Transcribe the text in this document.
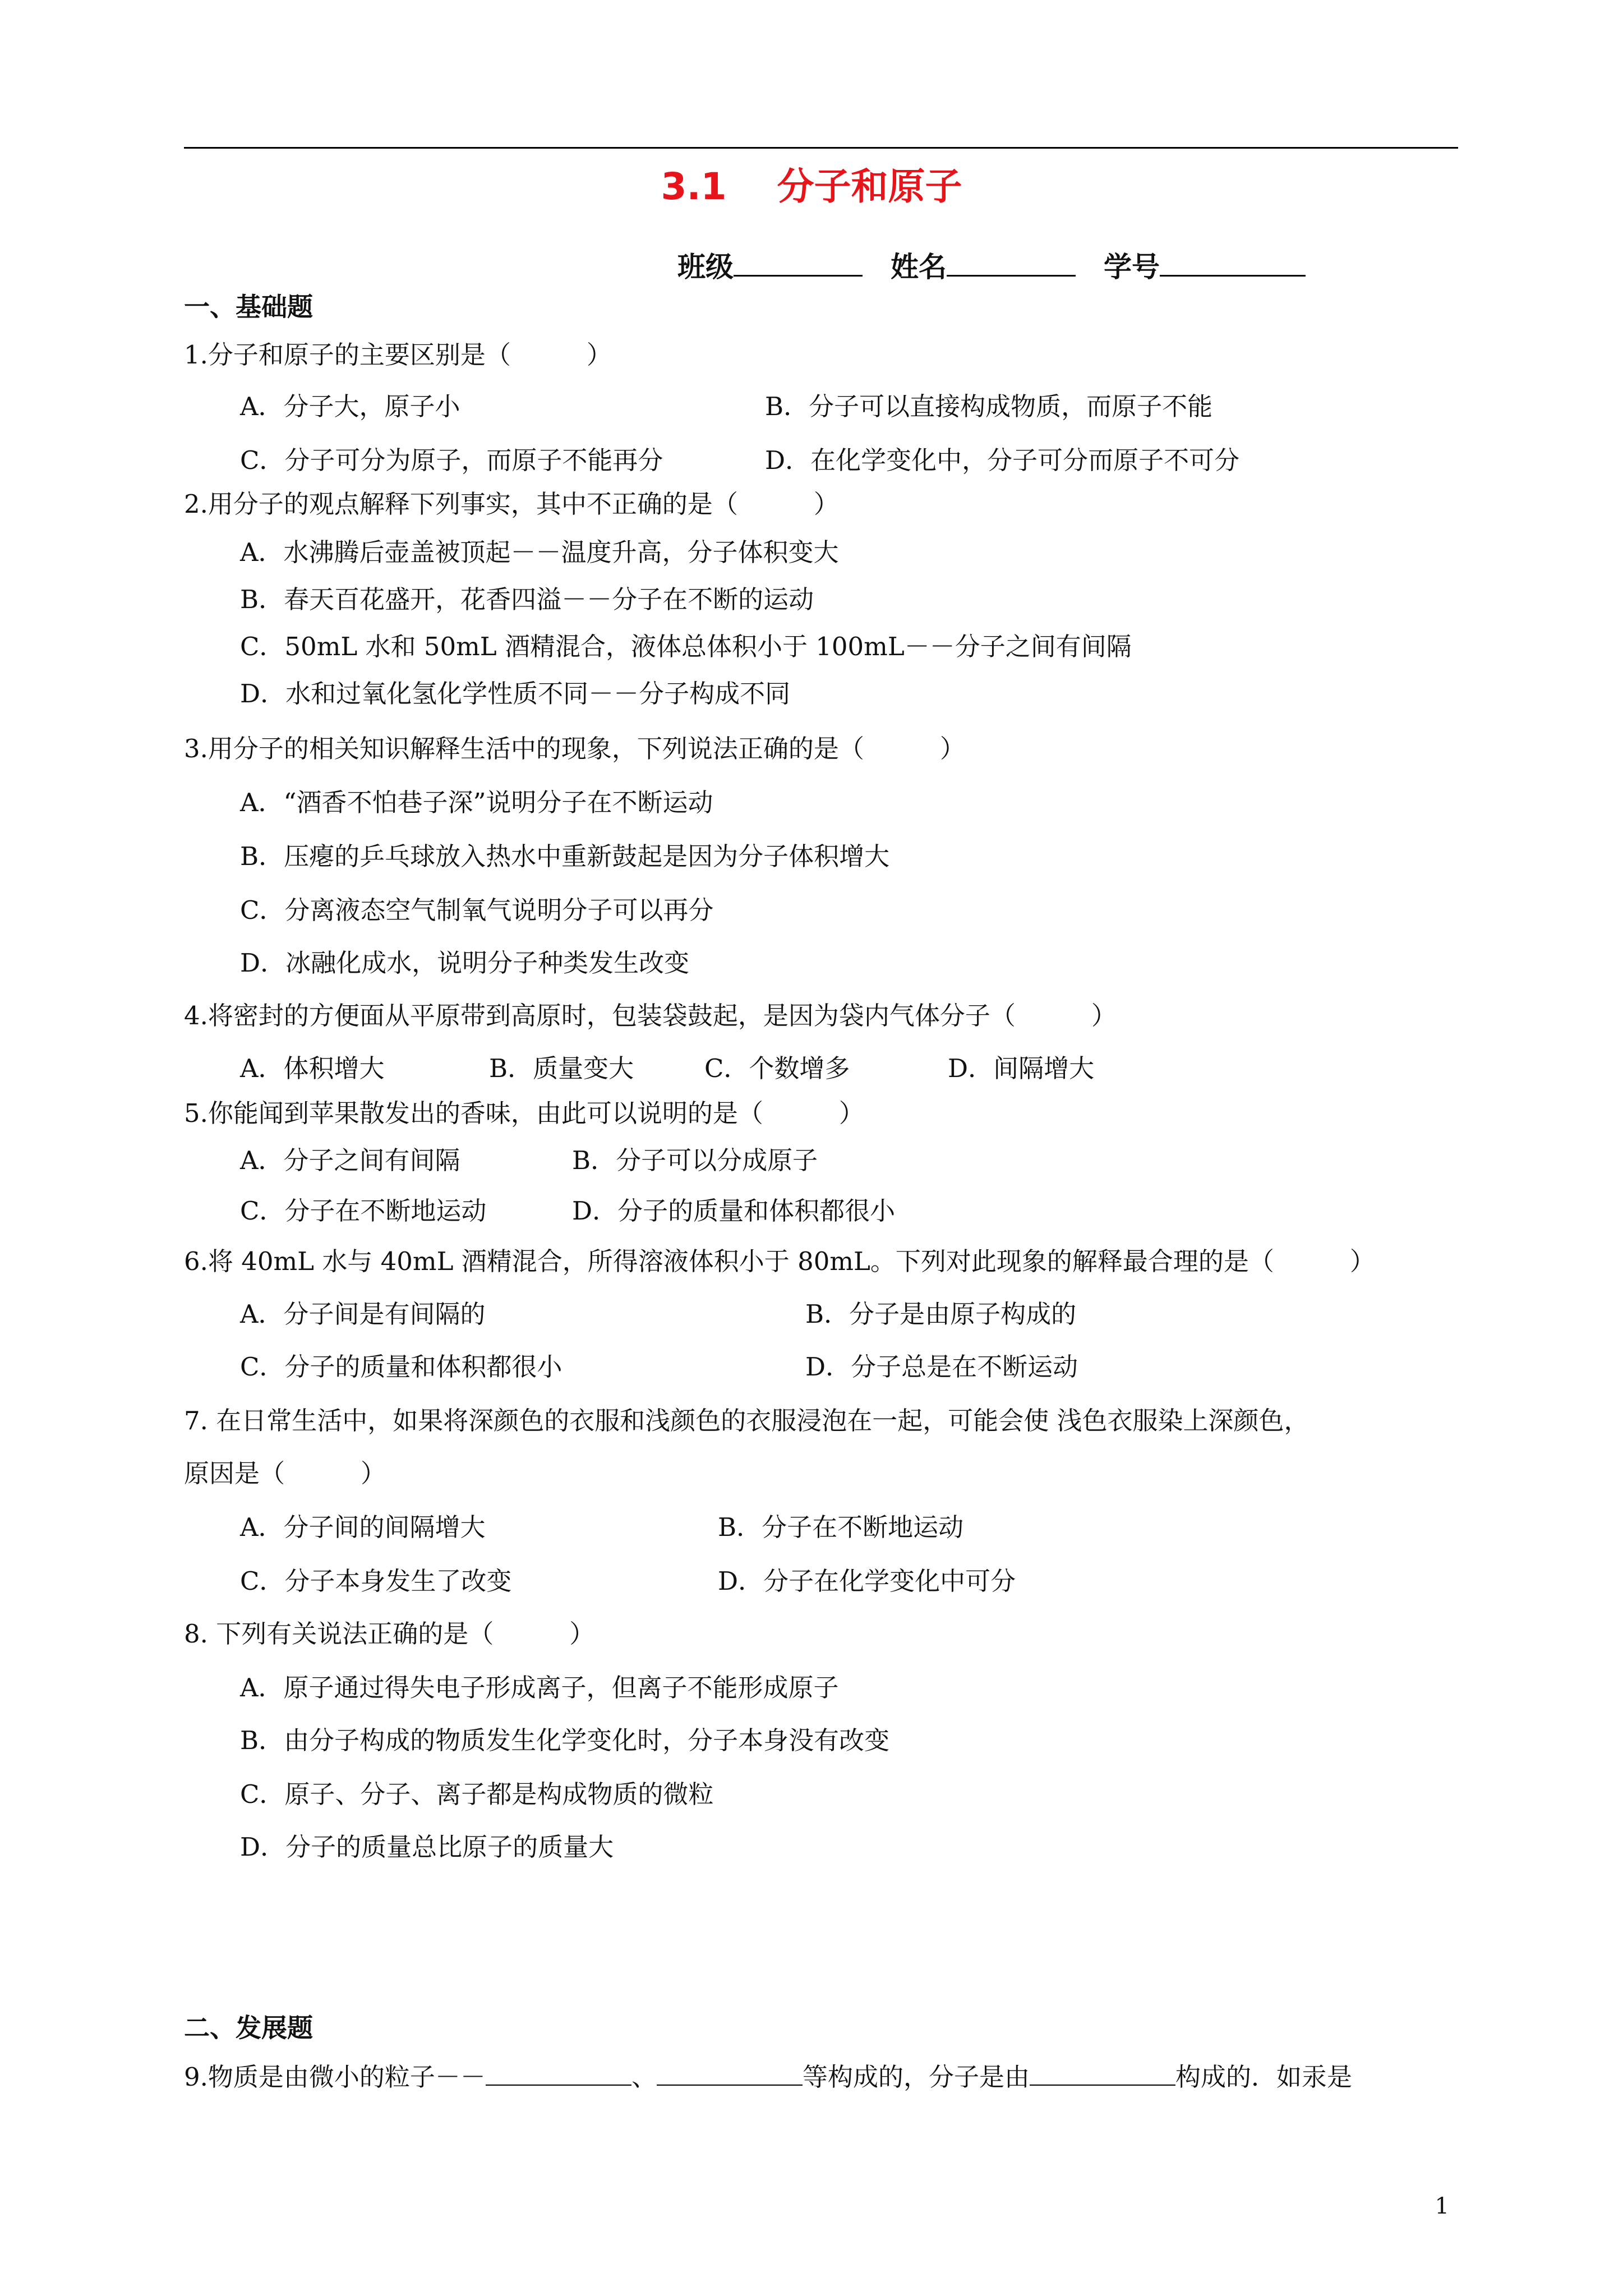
3.1 分子和原子
班级	姓名	学号
一、基础题
1.分子和原子的主要区别是（　　　）
A．分子大，原子小	B．分子可以直接构成物质，而原子不能
C．分子可分为原子，而原子不能再分	D．在化学变化中，分子可分而原子不可分
2.用分子的观点解释下列事实，其中不正确的是（　　　）
A．水沸腾后壶盖被顶起－－温度升高，分子体积变大
B．春天百花盛开，花香四溢－－分子在不断的运动
C．50mL 水和 50mL 酒精混合，液体总体积小于 100mL－－分子之间有间隔
D．水和过氧化氢化学性质不同－－分子构成不同
3.用分子的相关知识解释生活中的现象，下列说法正确的是（　　　）
A．“酒香不怕巷子深”说明分子在不断运动
B．压瘪的乒乓球放入热水中重新鼓起是因为分子体积增大
C．分离液态空气制氧气说明分子可以再分
D．冰融化成水，说明分子种类发生改变
4.将密封的方便面从平原带到高原时，包装袋鼓起，是因为袋内气体分子（　　　）
A．体积增大	B．质量变大	C．个数增多	D．间隔增大
5.你能闻到苹果散发出的香味，由此可以说明的是（　　　）
A．分子之间有间隔	B．分子可以分成原子
C．分子在不断地运动	D．分子的质量和体积都很小
6.将 40mL 水与 40mL 酒精混合，所得溶液体积小于 80mL。下列对此现象的解释最合理的是（　　　）
A．分子间是有间隔的	B．分子是由原子构成的
C．分子的质量和体积都很小	D．分子总是在不断运动
7. 在日常生活中，如果将深颜色的衣服和浅颜色的衣服浸泡在一起，可能会使 浅色衣服染上深颜色，
原因是（　　　）
A．分子间的间隔增大	B．分子在不断地运动
C．分子本身发生了改变	D．分子在化学变化中可分
8. 下列有关说法正确的是（　　　）
A．原子通过得失电子形成离子，但离子不能形成原子
B．由分子构成的物质发生化学变化时，分子本身没有改变
C．原子、分子、离子都是构成物质的微粒
D．分子的质量总比原子的质量大
二、发展题
9.物质是由微小的粒子－－	、	等构成的，分子是由	构成的．如汞是
1
